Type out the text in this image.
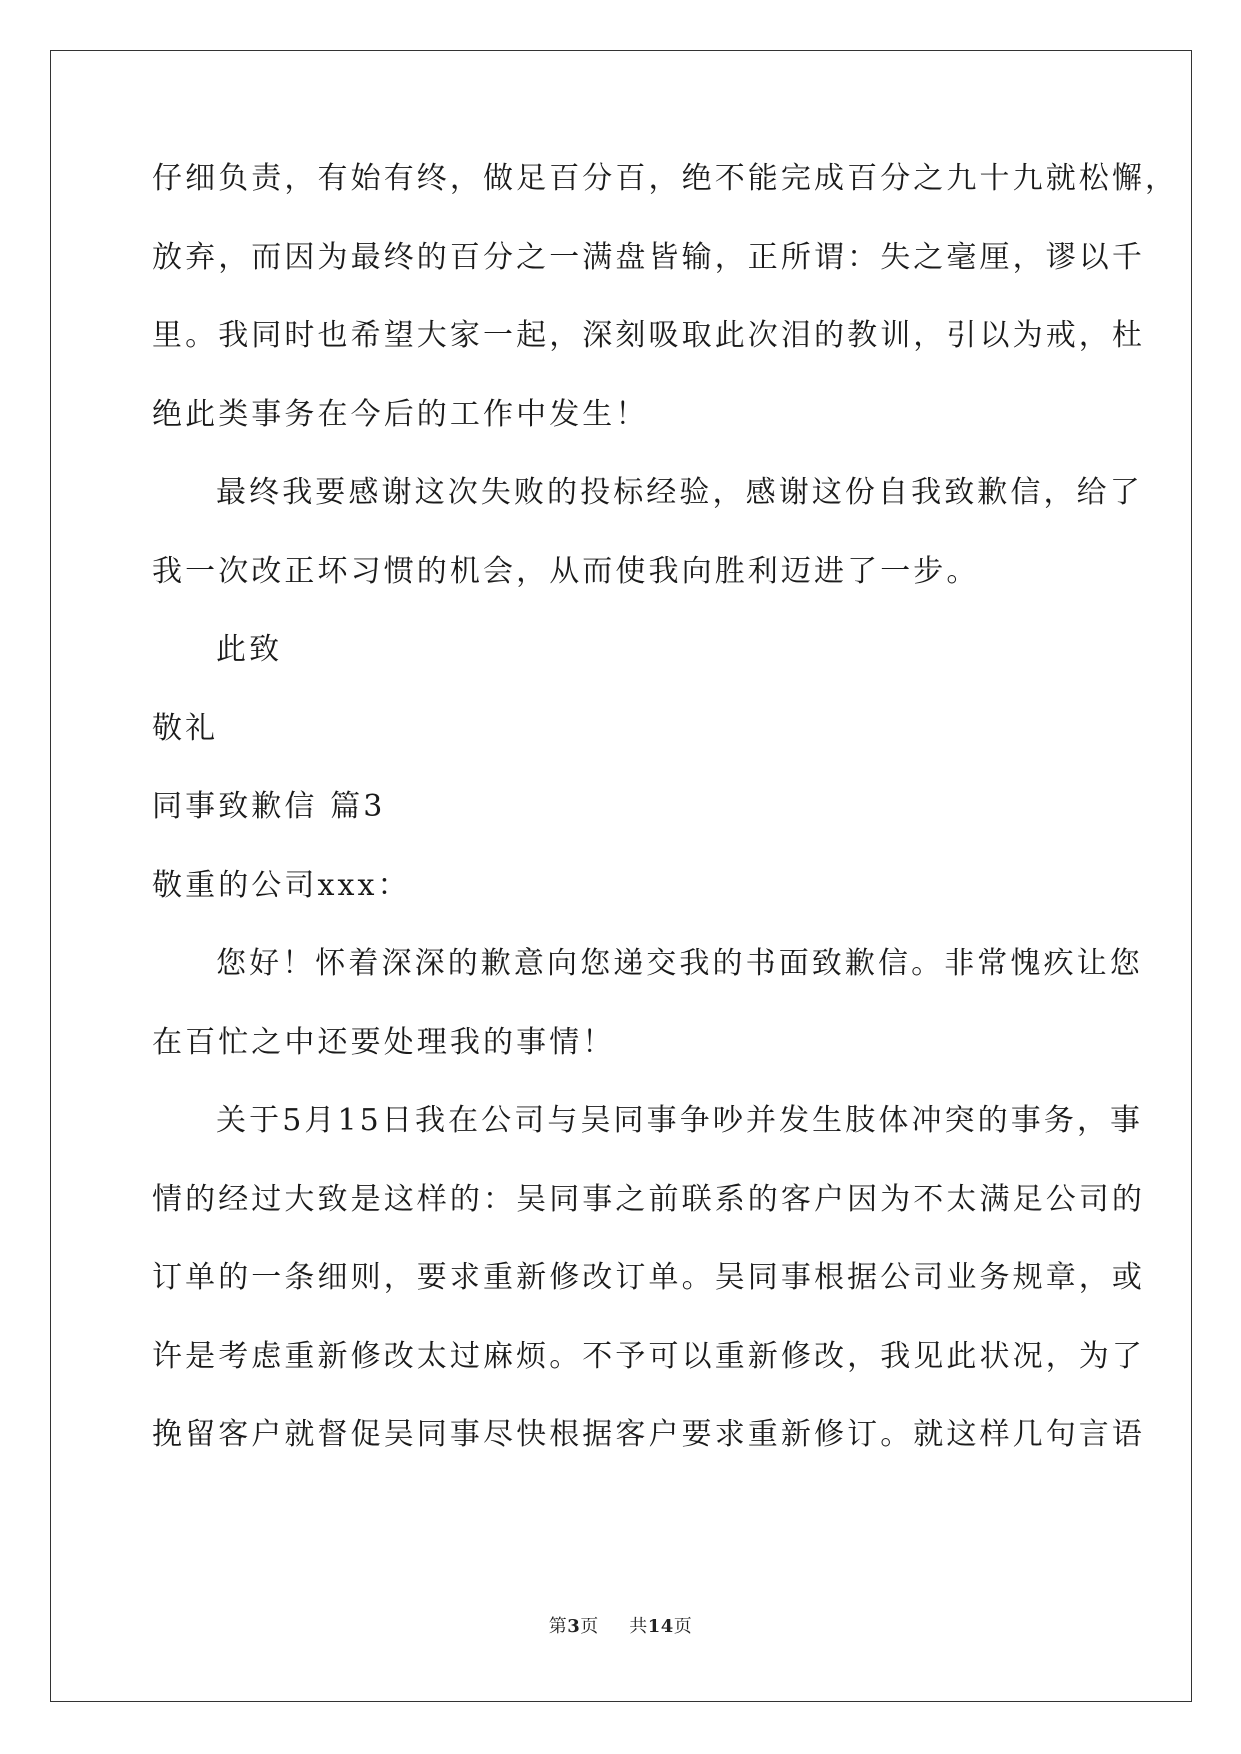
仔细负责，有始有终，做足百分百，绝不能完成百分之九十九就松懈，
放弃，而因为最终的百分之一满盘皆输，正所谓：失之毫厘，谬以千
里。我同时也希望大家一起，深刻吸取此次泪的教训，引以为戒，杜
绝此类事务在今后的工作中发生！
最终我要感谢这次失败的投标经验，感谢这份自我致歉信，给了
我一次改正坏习惯的机会，从而使我向胜利迈进了一步。
此致
敬礼
同事致歉信 篇3
敬重的公司xxx：
您好！怀着深深的歉意向您递交我的书面致歉信。非常愧疚让您
在百忙之中还要处理我的事情！
关于5月15日我在公司与吴同事争吵并发生肢体冲突的事务，事
情的经过大致是这样的：吴同事之前联系的客户因为不太满足公司的
订单的一条细则，要求重新修改订单。吴同事根据公司业务规章，或
许是考虑重新修改太过麻烦。不予可以重新修改，我见此状况，为了
挽留客户就督促吴同事尽快根据客户要求重新修订。就这样几句言语
第3页 共14页
